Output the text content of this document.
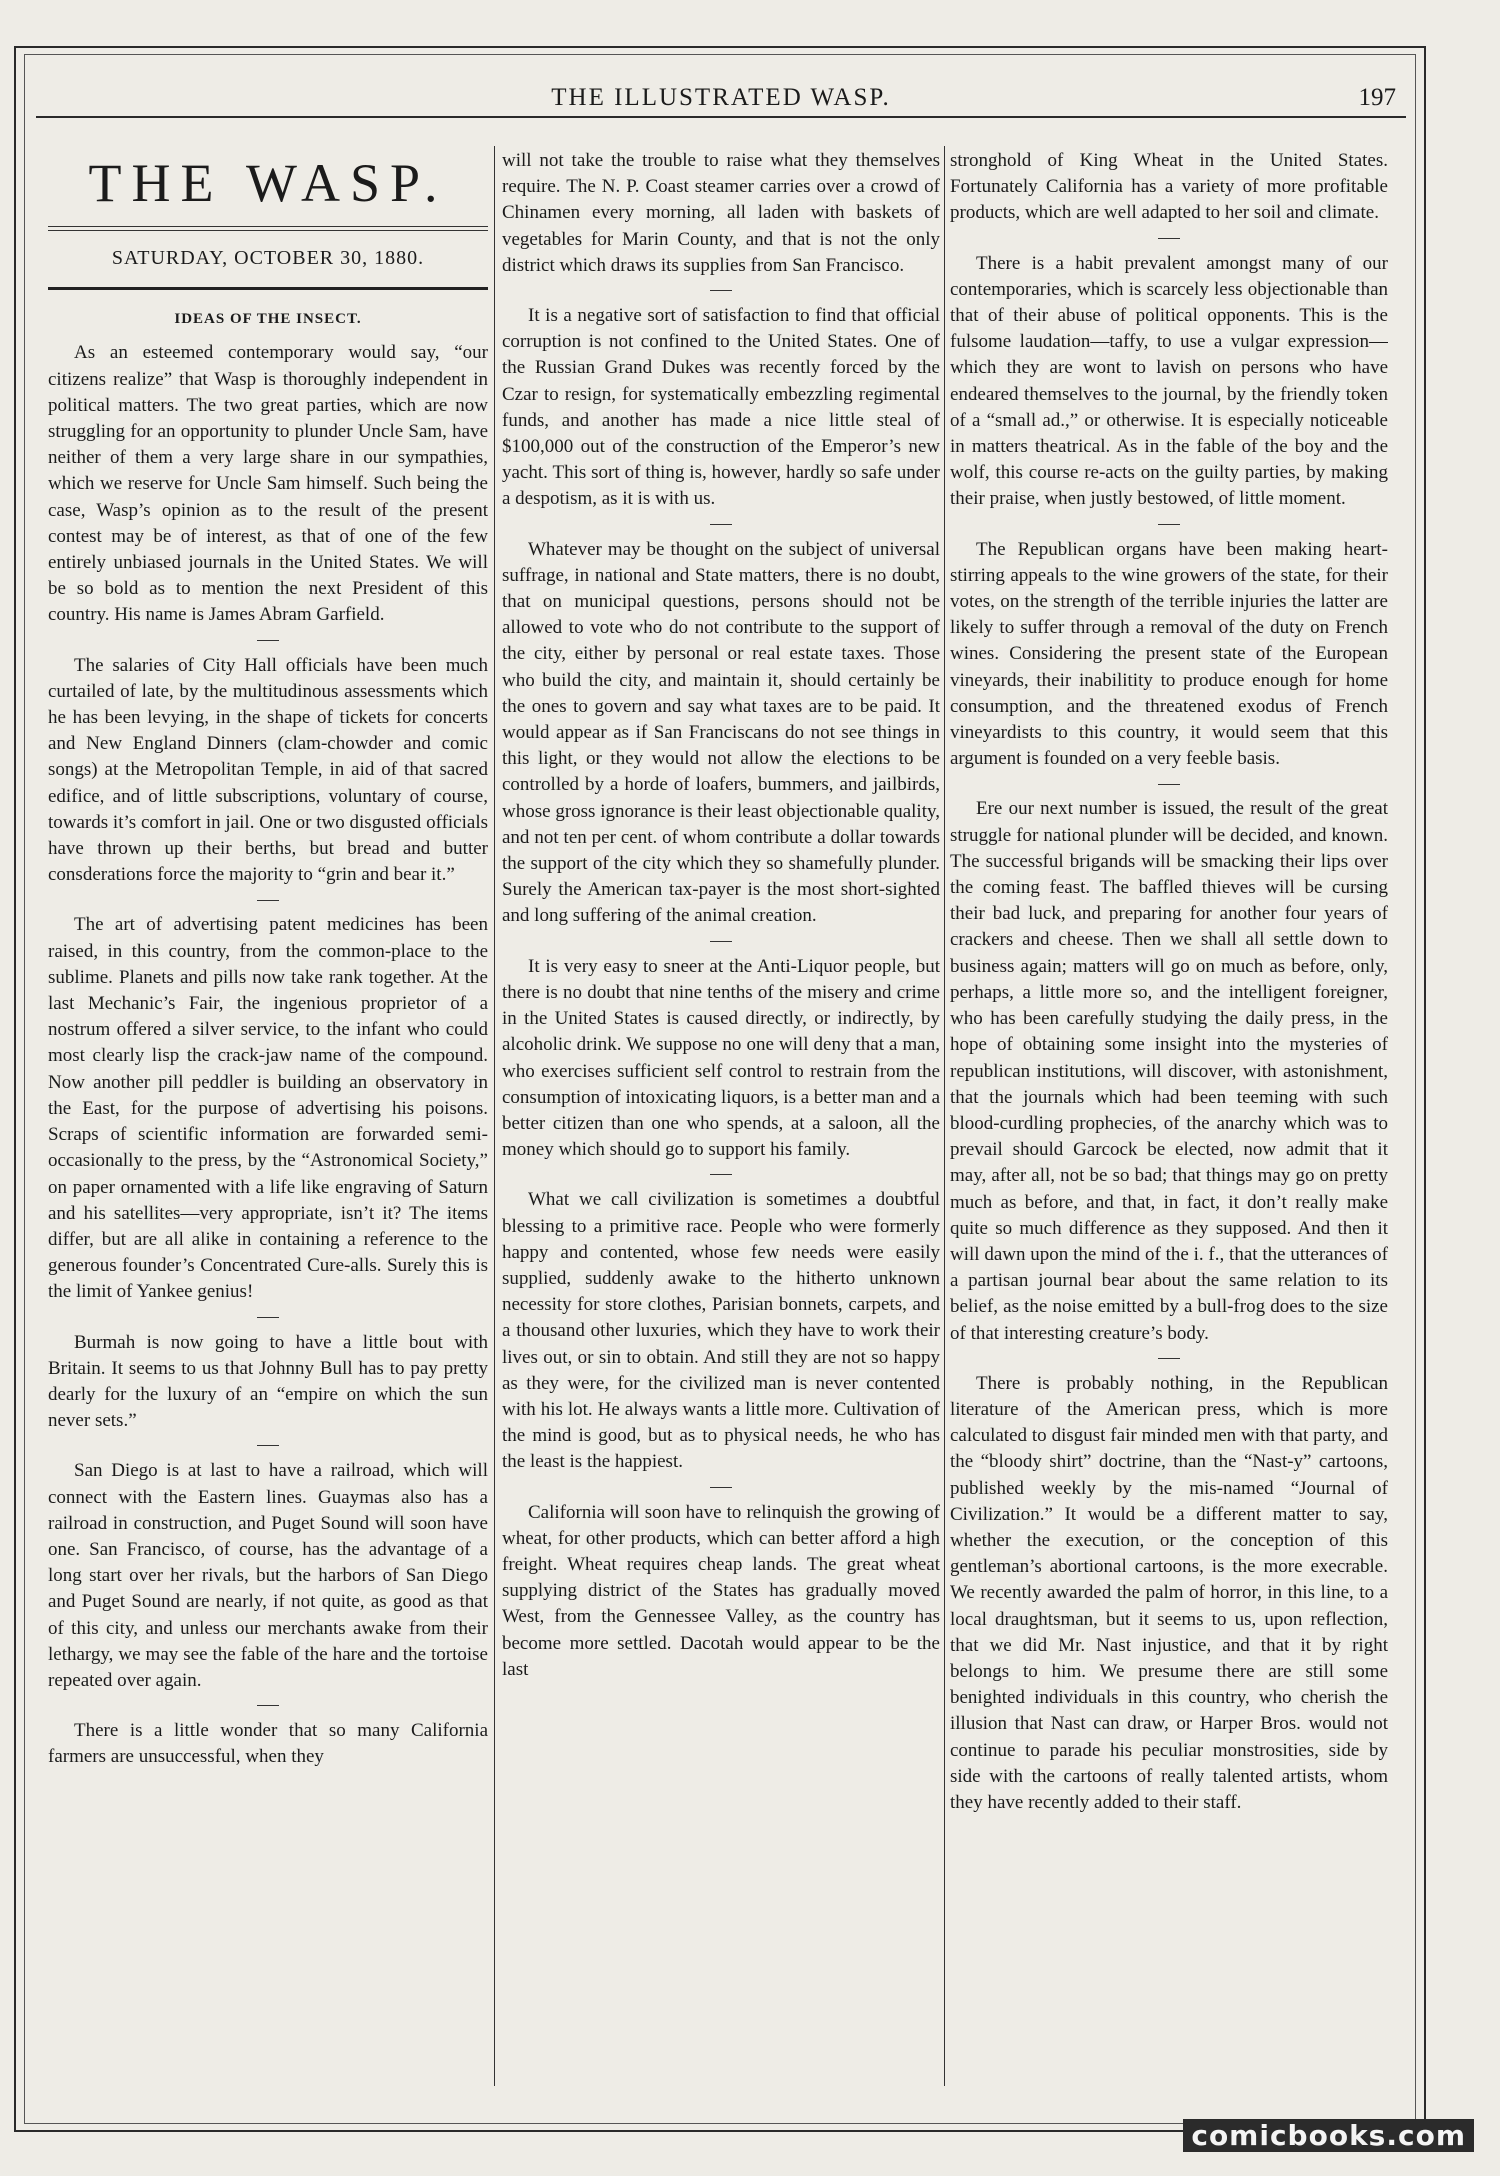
THE ILLUSTRATED WASP.	197
THE WASP.
SATURDAY, OCTOBER 30, 1880.
IDEAS OF THE INSECT.

As an esteemed contemporary would say, “our citizens realize” that Wasp is thoroughly independent in political matters. The two great parties, which are now struggling for an opportunity to plunder Uncle Sam, have neither of them a very large share in our sympathies, which we reserve for Uncle Sam himself. Such being the case, Wasp’s opinion as to the result of the present contest may be of interest, as that of one of the few entirely unbiased journals in the United States. We will be so bold as to mention the next President of this country. His name is James Abram Garfield.

The salaries of City Hall officials have been much curtailed of late, by the multitudinous assessments which he has been levying, in the shape of tickets for concerts and New England Dinners (clam-chowder and comic songs) at the Metropolitan Temple, in aid of that sacred edifice, and of little subscriptions, voluntary of course, towards it’s comfort in jail. One or two disgusted officials have thrown up their berths, but bread and butter consderations force the majority to “grin and bear it.”

The art of advertising patent medicines has been raised, in this country, from the common-place to the sublime. Planets and pills now take rank together. At the last Mechanic’s Fair, the ingenious proprietor of a nostrum offered a silver service, to the infant who could most clearly lisp the crack-jaw name of the compound. Now another pill peddler is building an observatory in the East, for the purpose of advertising his poisons. Scraps of scientific information are forwarded semi-occasionally to the press, by the “Astronomical Society,” on paper ornamented with a life like engraving of Saturn and his satellites—very appropriate, isn’t it? The items differ, but are all alike in containing a reference to the generous founder’s Concentrated Cure-alls. Surely this is the limit of Yankee genius!

Burmah is now going to have a little bout with Britain. It seems to us that Johnny Bull has to pay pretty dearly for the luxury of an “empire on which the sun never sets.”

San Diego is at last to have a railroad, which will connect with the Eastern lines. Guaymas also has a railroad in construction, and Puget Sound will soon have one. San Francisco, of course, has the advantage of a long start over her rivals, but the harbors of San Diego and Puget Sound are nearly, if not quite, as good as that of this city, and unless our merchants awake from their lethargy, we may see the fable of the hare and the tortoise repeated over again.

There is a little wonder that so many California farmers are unsuccessful, when they

will not take the trouble to raise what they themselves require. The N. P. Coast steamer carries over a crowd of Chinamen every morning, all laden with baskets of vegetables for Marin County, and that is not the only district which draws its supplies from San Francisco.

It is a negative sort of satisfaction to find that official corruption is not confined to the United States. One of the Russian Grand Dukes was recently forced by the Czar to resign, for systematically embezzling regimental funds, and another has made a nice little steal of $100,000 out of the construction of the Emperor’s new yacht. This sort of thing is, however, hardly so safe under a despotism, as it is with us.

Whatever may be thought on the subject of universal suffrage, in national and State matters, there is no doubt, that on municipal questions, persons should not be allowed to vote who do not contribute to the support of the city, either by personal or real estate taxes. Those who build the city, and maintain it, should certainly be the ones to govern and say what taxes are to be paid. It would appear as if San Franciscans do not see things in this light, or they would not allow the elections to be controlled by a horde of loafers, bummers, and jailbirds, whose gross ignorance is their least objectionable quality, and not ten per cent. of whom contribute a dollar towards the support of the city which they so shamefully plunder. Surely the American tax-payer is the most short-sighted and long suffering of the animal creation.

It is very easy to sneer at the Anti-Liquor people, but there is no doubt that nine tenths of the misery and crime in the United States is caused directly, or indirectly, by alcoholic drink. We suppose no one will deny that a man, who exercises sufficient self control to restrain from the consumption of intoxicating liquors, is a better man and a better citizen than one who spends, at a saloon, all the money which should go to support his family.

What we call civilization is sometimes a doubtful blessing to a primitive race. People who were formerly happy and contented, whose few needs were easily supplied, suddenly awake to the hitherto unknown necessity for store clothes, Parisian bonnets, carpets, and a thousand other luxuries, which they have to work their lives out, or sin to obtain. And still they are not so happy as they were, for the civilized man is never contented with his lot. He always wants a little more. Cultivation of the mind is good, but as to physical needs, he who has the least is the happiest.

California will soon have to relinquish the growing of wheat, for other products, which can better afford a high freight. Wheat requires cheap lands. The great wheat supplying district of the States has gradually moved West, from the Gennessee Valley, as the country has become more settled. Dacotah would appear to be the last

stronghold of King Wheat in the United States. Fortunately California has a variety of more profitable products, which are well adapted to her soil and climate.

There is a habit prevalent amongst many of our contemporaries, which is scarcely less objectionable than that of their abuse of political opponents. This is the fulsome laudation—taffy, to use a vulgar expression—which they are wont to lavish on persons who have endeared themselves to the journal, by the friendly token of a “small ad.,” or otherwise. It is especially noticeable in matters theatrical. As in the fable of the boy and the wolf, this course re-acts on the guilty parties, by making their praise, when justly bestowed, of little moment.

The Republican organs have been making heart-stirring appeals to the wine growers of the state, for their votes, on the strength of the terrible injuries the latter are likely to suffer through a removal of the duty on French wines. Considering the present state of the European vineyards, their inabilitity to produce enough for home consumption, and the threatened exodus of French vineyardists to this country, it would seem that this argument is founded on a very feeble basis.

Ere our next number is issued, the result of the great struggle for national plunder will be decided, and known. The successful brigands will be smacking their lips over the coming feast. The baffled thieves will be cursing their bad luck, and preparing for another four years of crackers and cheese. Then we shall all settle down to business again; matters will go on much as before, only, perhaps, a little more so, and the intelligent foreigner, who has been carefully studying the daily press, in the hope of obtaining some insight into the mysteries of republican institutions, will discover, with astonishment, that the journals which had been teeming with such blood-curdling prophecies, of the anarchy which was to prevail should Garcock be elected, now admit that it may, after all, not be so bad; that things may go on pretty much as before, and that, in fact, it don’t really make quite so much difference as they supposed. And then it will dawn upon the mind of the i. f., that the utterances of a partisan journal bear about the same relation to its belief, as the noise emitted by a bull-frog does to the size of that interesting creature’s body.

There is probably nothing, in the Republican literature of the American press, which is more calculated to disgust fair minded men with that party, and the “bloody shirt” doctrine, than the “Nast-y” cartoons, published weekly by the mis-named “Journal of Civilization.” It would be a different matter to say, whether the execution, or the conception of this gentleman’s abortional cartoons, is the more execrable. We recently awarded the palm of horror, in this line, to a local draughtsman, but it seems to us, upon reflection, that we did Mr. Nast injustice, and that it by right belongs to him. We presume there are still some benighted individuals in this country, who cherish the illusion that Nast can draw, or Harper Bros. would not continue to parade his peculiar monstrosities, side by side with the cartoons of really talented artists, whom they have recently added to their staff.

comicbooks.com
